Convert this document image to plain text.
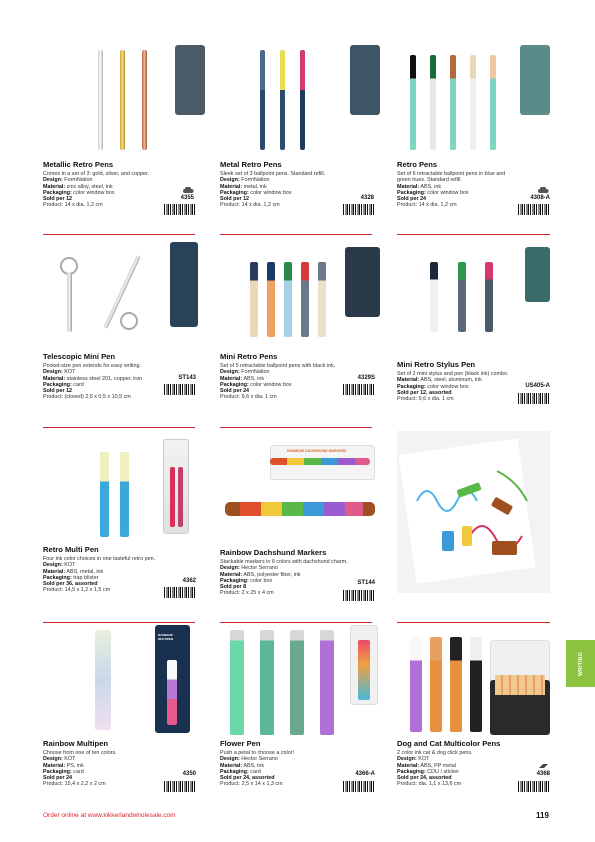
Metallic Retro Pens
Comes in a set of 3: gold, silver, and copper.
Design: FormNation
Material: zinc alloy, steel, ink
Packaging: color window box
Sold per 12
Product: 14 x dia. 1,2 cm
4355
Metal Retro Pens
Sleek set of 3 ballpoint pens. Standard refill.
Design: FormNation
Material: metal, ink
Packaging: color window box
Sold per 12
Product: 14 x dia. 1,2 cm
4328
Retro Pens
Set of 6 retractable ballpoint pens in blue and green hues. Standard refill.
Material: ABS, ink
Packaging: color window box
Sold per 24
Product: 14 x dia. 1,2 cm
4308-A
Telescopic Mini Pen
Pocket-size pen extends for easy writing.
Design: KOT
Material: stainless steel 201, copper, iron
Packaging: card
Sold per 12
Product: (closed) 2,5 x 0,5 x 10,5 cm
ST143
Mini Retro Pens
Set of 5 retractable ballpoint pens with black ink.
Design: FormNation
Material: ABS, ink
Packaging: color window box
Sold per 24
Product: 9,6 x dia. 1 cm
4329S
Mini Retro Stylus Pen
Set of 2 mini stylus and pen (black ink) combo.
Material: ABS, steel, aluminum, ink
Packaging: color window box
Sold per 12, assorted
Product: 9,6 x dia. 1 cm
US405-A
Retro Multi Pen
Four ink color choices in one tasteful retro pen.
Design: KOT
Material: ABS, metal, ink
Packaging: trap blister
Sold per 36, assorted
Product: 14,5 x 1,2 x 1,5 cm
4362
RAINBOW DACHSHUND MARKERS
Rainbow Dachshund Markers
Stackable markers in 6 colors with dachshund charm.
Design: Hector Serrano
Material: ABS, polyester fiber, ink
Packaging: color box
Sold per 8
Product: 2 x 25 x 4 cm
ST144
RAINBOW MULTIPEN
Rainbow Multipen
Choose from one of ten colors.
Design: KOT
Material: PS, ink
Packaging: card
Sold per 24
Product: 15,4 x 2,2 x 2 cm
4350
Flower Pen
Push a petal to choose a color!
Design: Hector Serrano
Material: ABS, ink
Packaging: card
Sold per 24, assorted
Product: 2,5 x 14 x 1,3 cm
4366-A
Dog and Cat Multicolor Pens
2 color ink cat & dog click pens.
Design: KOT
Material: ABS, PP metal
Packaging: CDU / sticker
Sold per 24, assorted
Product: dia. 1,1 x 13,6 cm
4368
WRITING
Order online at www.kikkerlandwholesale.com	119
